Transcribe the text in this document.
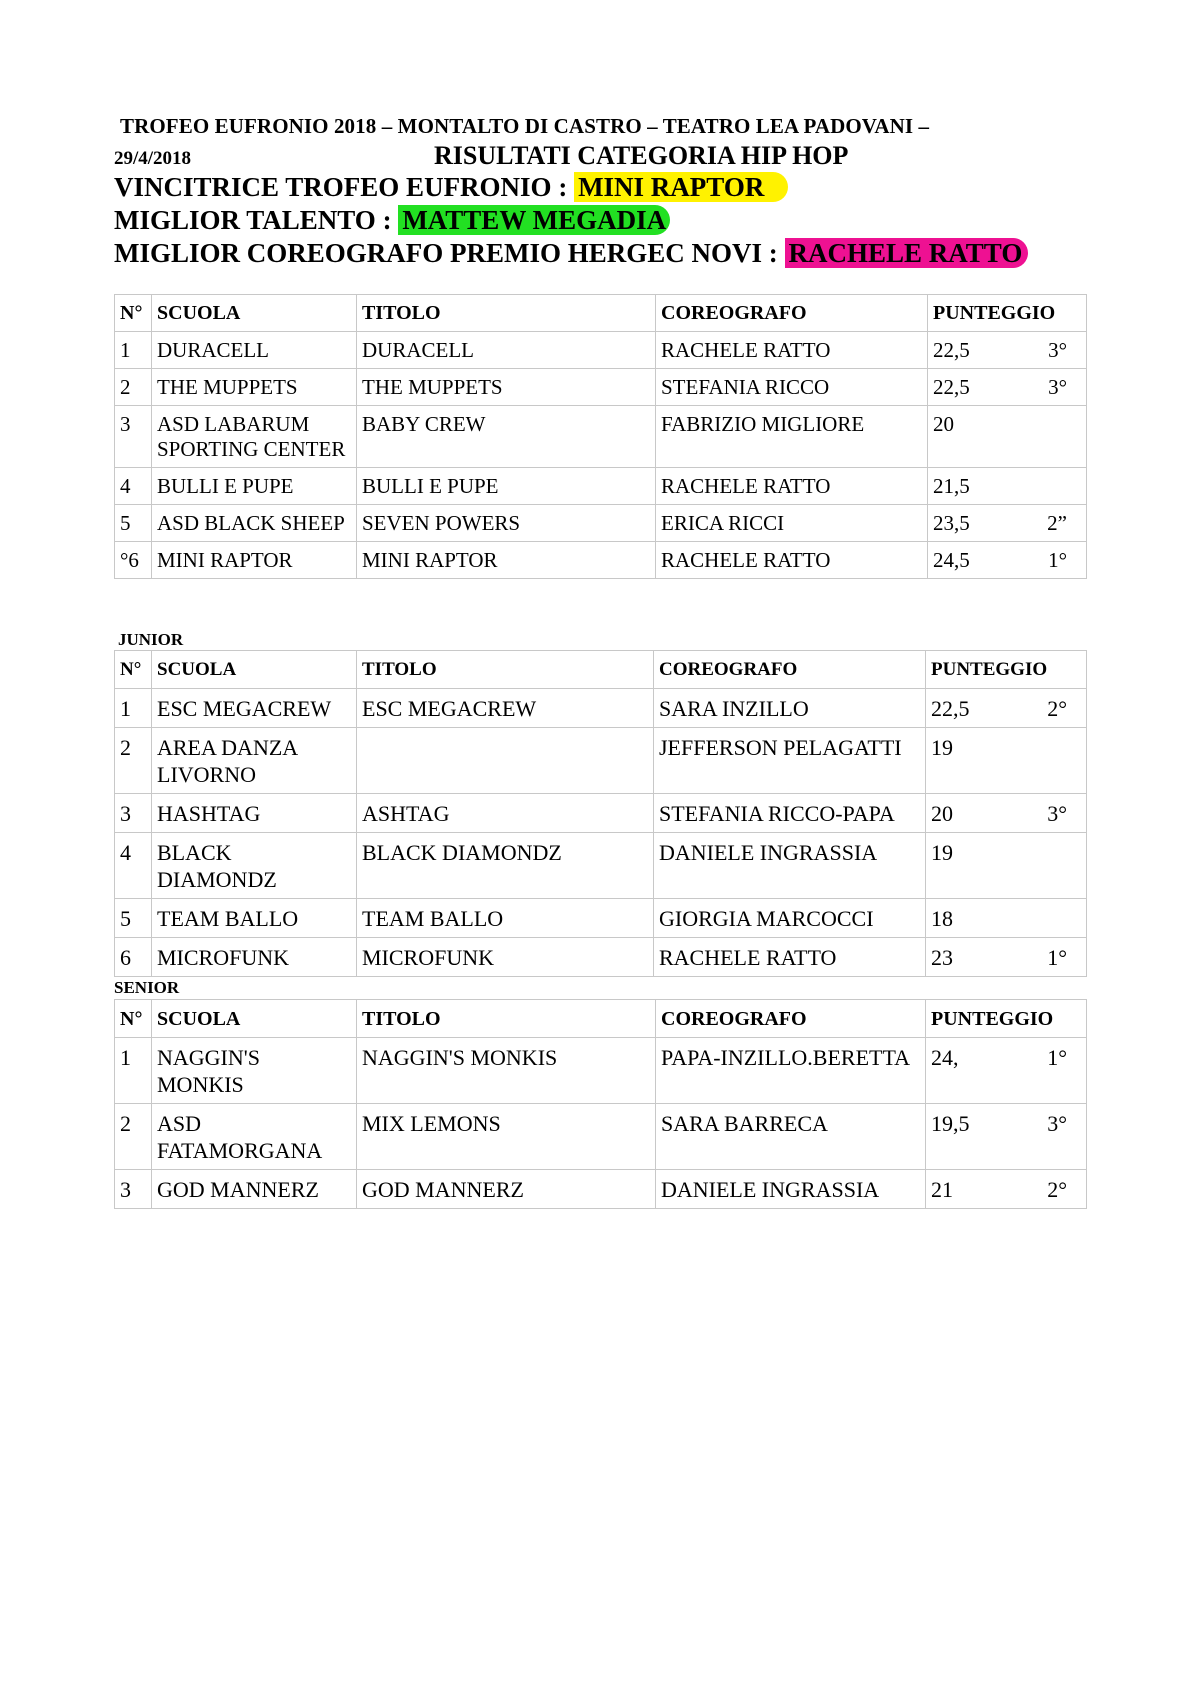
TROFEO EUFRONIO 2018 – MONTALTO DI CASTRO – TEATRO LEA PADOVANI –
29/4/2018	RISULTATI CATEGORIA HIP HOP
VINCITRICE TROFEO EUFRONIO : MINI RAPTOR
MIGLIOR TALENTO : MATTEW MEGADIA
MIGLIOR COREOGRAFO PREMIO HERGEC NOVI : RACHELE RATTO
N°	SCUOLA	TITOLO	COREOGRAFO	PUNTEGGIO
1	DURACELL	DURACELL	RACHELE RATTO	22,5 3°

2	THE MUPPETS	THE MUPPETS	STEFANIA RICCO	22,5 3°

3	ASD LABARUM SPORTING CENTER	BABY CREW	FABRIZIO MIGLIORE	20

4	BULLI E PUPE	BULLI E PUPE	RACHELE RATTO	21,5

5	ASD BLACK SHEEP	SEVEN POWERS	ERICA RICCI	23,5 2”

°6	MINI RAPTOR	MINI RAPTOR	RACHELE RATTO	24,5 1°
JUNIOR
N°	SCUOLA	TITOLO	COREOGRAFO	PUNTEGGIO
1	ESC MEGACREW	ESC MEGACREW	SARA INZILLO	22,5 2°

2	AREA DANZA LIVORNO		JEFFERSON PELAGATTI	19

3	HASHTAG	ASHTAG	STEFANIA RICCO-PAPA	20 3°

4	BLACK DIAMONDZ	BLACK DIAMONDZ	DANIELE INGRASSIA	19

5	TEAM BALLO	TEAM BALLO	GIORGIA MARCOCCI	18

6	MICROFUNK	MICROFUNK	RACHELE RATTO	23 1°
SENIOR
N°	SCUOLA	TITOLO	COREOGRAFO	PUNTEGGIO
1	NAGGIN'S MONKIS	NAGGIN'S MONKIS	PAPA-INZILLO.BERETTA	24, 1°

2	ASD FATAMORGANA	MIX LEMONS	SARA BARRECA	19,5 3°

3	GOD MANNERZ	GOD MANNERZ	DANIELE INGRASSIA	21 2°
